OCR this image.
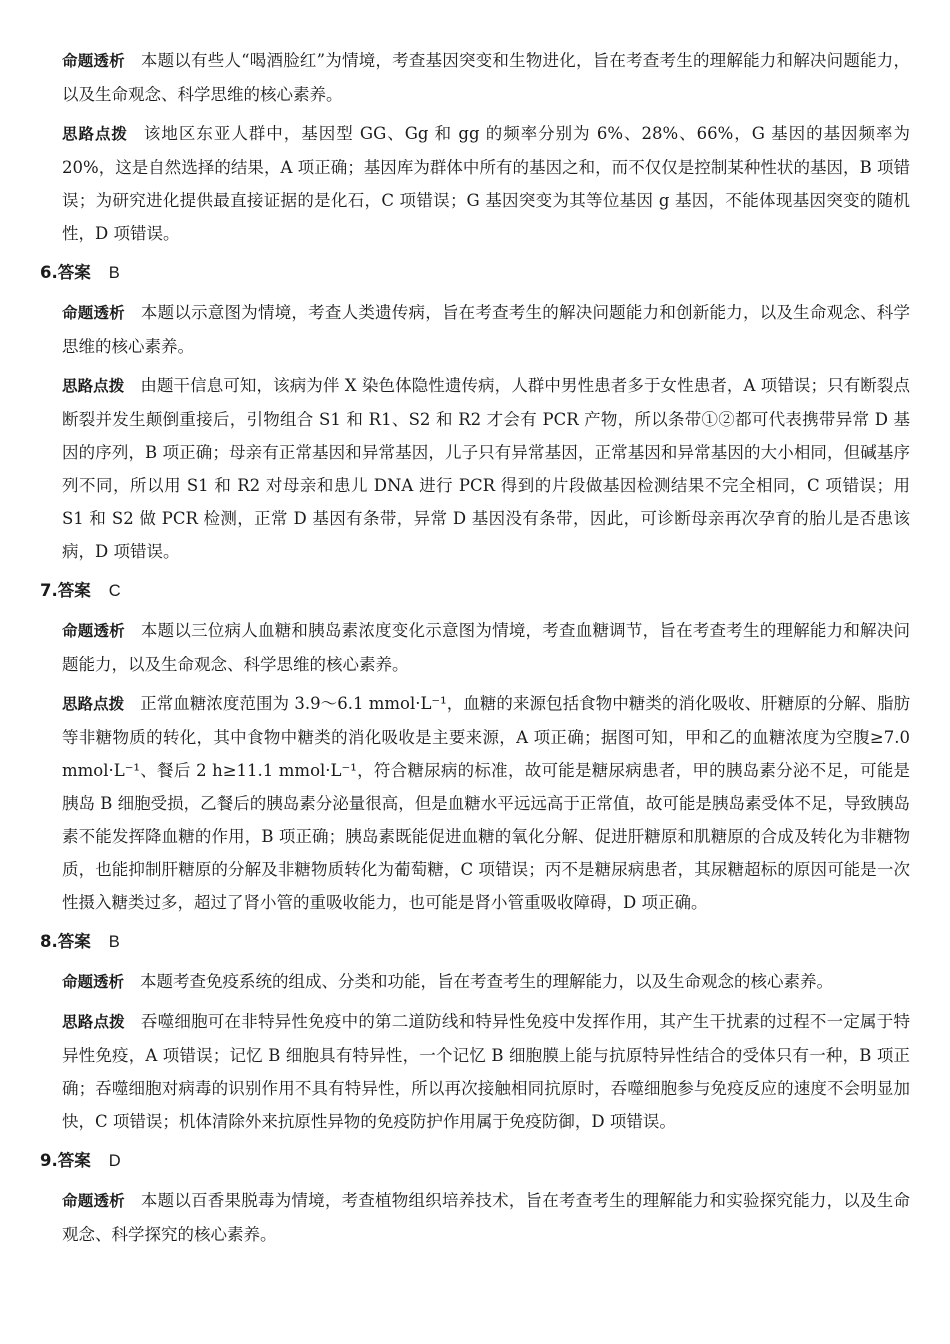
命题透析 本题以有些人“喝酒脸红”为情境，考查基因突变和生物进化，旨在考查考生的理解能力和解决问题能力，以及生命观念、科学思维的核心素养。

思路点拨 该地区东亚人群中，基因型 GG、Gg 和 gg 的频率分别为 6%、28%、66%，G 基因的基因频率为 20%，这是自然选择的结果，A 项正确；基因库为群体中所有的基因之和，而不仅仅是控制某种性状的基因，B 项错误；为研究进化提供最直接证据的是化石，C 项错误；G 基因突变为其等位基因 g 基因，不能体现基因突变的随机性，D 项错误。

6.答案 B

命题透析 本题以示意图为情境，考查人类遗传病，旨在考查考生的解决问题能力和创新能力，以及生命观念、科学思维的核心素养。

思路点拨 由题干信息可知，该病为伴 X 染色体隐性遗传病，人群中男性患者多于女性患者，A 项错误；只有断裂点断裂并发生颠倒重接后，引物组合 S1 和 R1、S2 和 R2 才会有 PCR 产物，所以条带①②都可代表携带异常 D 基因的序列，B 项正确；母亲有正常基因和异常基因，儿子只有异常基因，正常基因和异常基因的大小相同，但碱基序列不同，所以用 S1 和 R2 对母亲和患儿 DNA 进行 PCR 得到的片段做基因检测结果不完全相同，C 项错误；用 S1 和 S2 做 PCR 检测，正常 D 基因有条带，异常 D 基因没有条带，因此，可诊断母亲再次孕育的胎儿是否患该病，D 项错误。

7.答案 C

命题透析 本题以三位病人血糖和胰岛素浓度变化示意图为情境，考查血糖调节，旨在考查考生的理解能力和解决问题能力，以及生命观念、科学思维的核心素养。

思路点拨 正常血糖浓度范围为 3.9～6.1 mmol·L⁻¹，血糖的来源包括食物中糖类的消化吸收、肝糖原的分解、脂肪等非糖物质的转化，其中食物中糖类的消化吸收是主要来源，A 项正确；据图可知，甲和乙的血糖浓度为空腹≥7.0 mmol·L⁻¹、餐后 2 h≥11.1 mmol·L⁻¹，符合糖尿病的标准，故可能是糖尿病患者，甲的胰岛素分泌不足，可能是胰岛 B 细胞受损，乙餐后的胰岛素分泌量很高，但是血糖水平远远高于正常值，故可能是胰岛素受体不足，导致胰岛素不能发挥降血糖的作用，B 项正确；胰岛素既能促进血糖的氧化分解、促进肝糖原和肌糖原的合成及转化为非糖物质，也能抑制肝糖原的分解及非糖物质转化为葡萄糖，C 项错误；丙不是糖尿病患者，其尿糖超标的原因可能是一次性摄入糖类过多，超过了肾小管的重吸收能力，也可能是肾小管重吸收障碍，D 项正确。

8.答案 B

命题透析 本题考查免疫系统的组成、分类和功能，旨在考查考生的理解能力，以及生命观念的核心素养。

思路点拨 吞噬细胞可在非特异性免疫中的第二道防线和特异性免疫中发挥作用，其产生干扰素的过程不一定属于特异性免疫，A 项错误；记忆 B 细胞具有特异性，一个记忆 B 细胞膜上能与抗原特异性结合的受体只有一种，B 项正确；吞噬细胞对病毒的识别作用不具有特异性，所以再次接触相同抗原时，吞噬细胞参与免疫反应的速度不会明显加快，C 项错误；机体清除外来抗原性异物的免疫防护作用属于免疫防御，D 项错误。

9.答案 D

命题透析 本题以百香果脱毒为情境，考查植物组织培养技术，旨在考查考生的理解能力和实验探究能力，以及生命观念、科学探究的核心素养。
